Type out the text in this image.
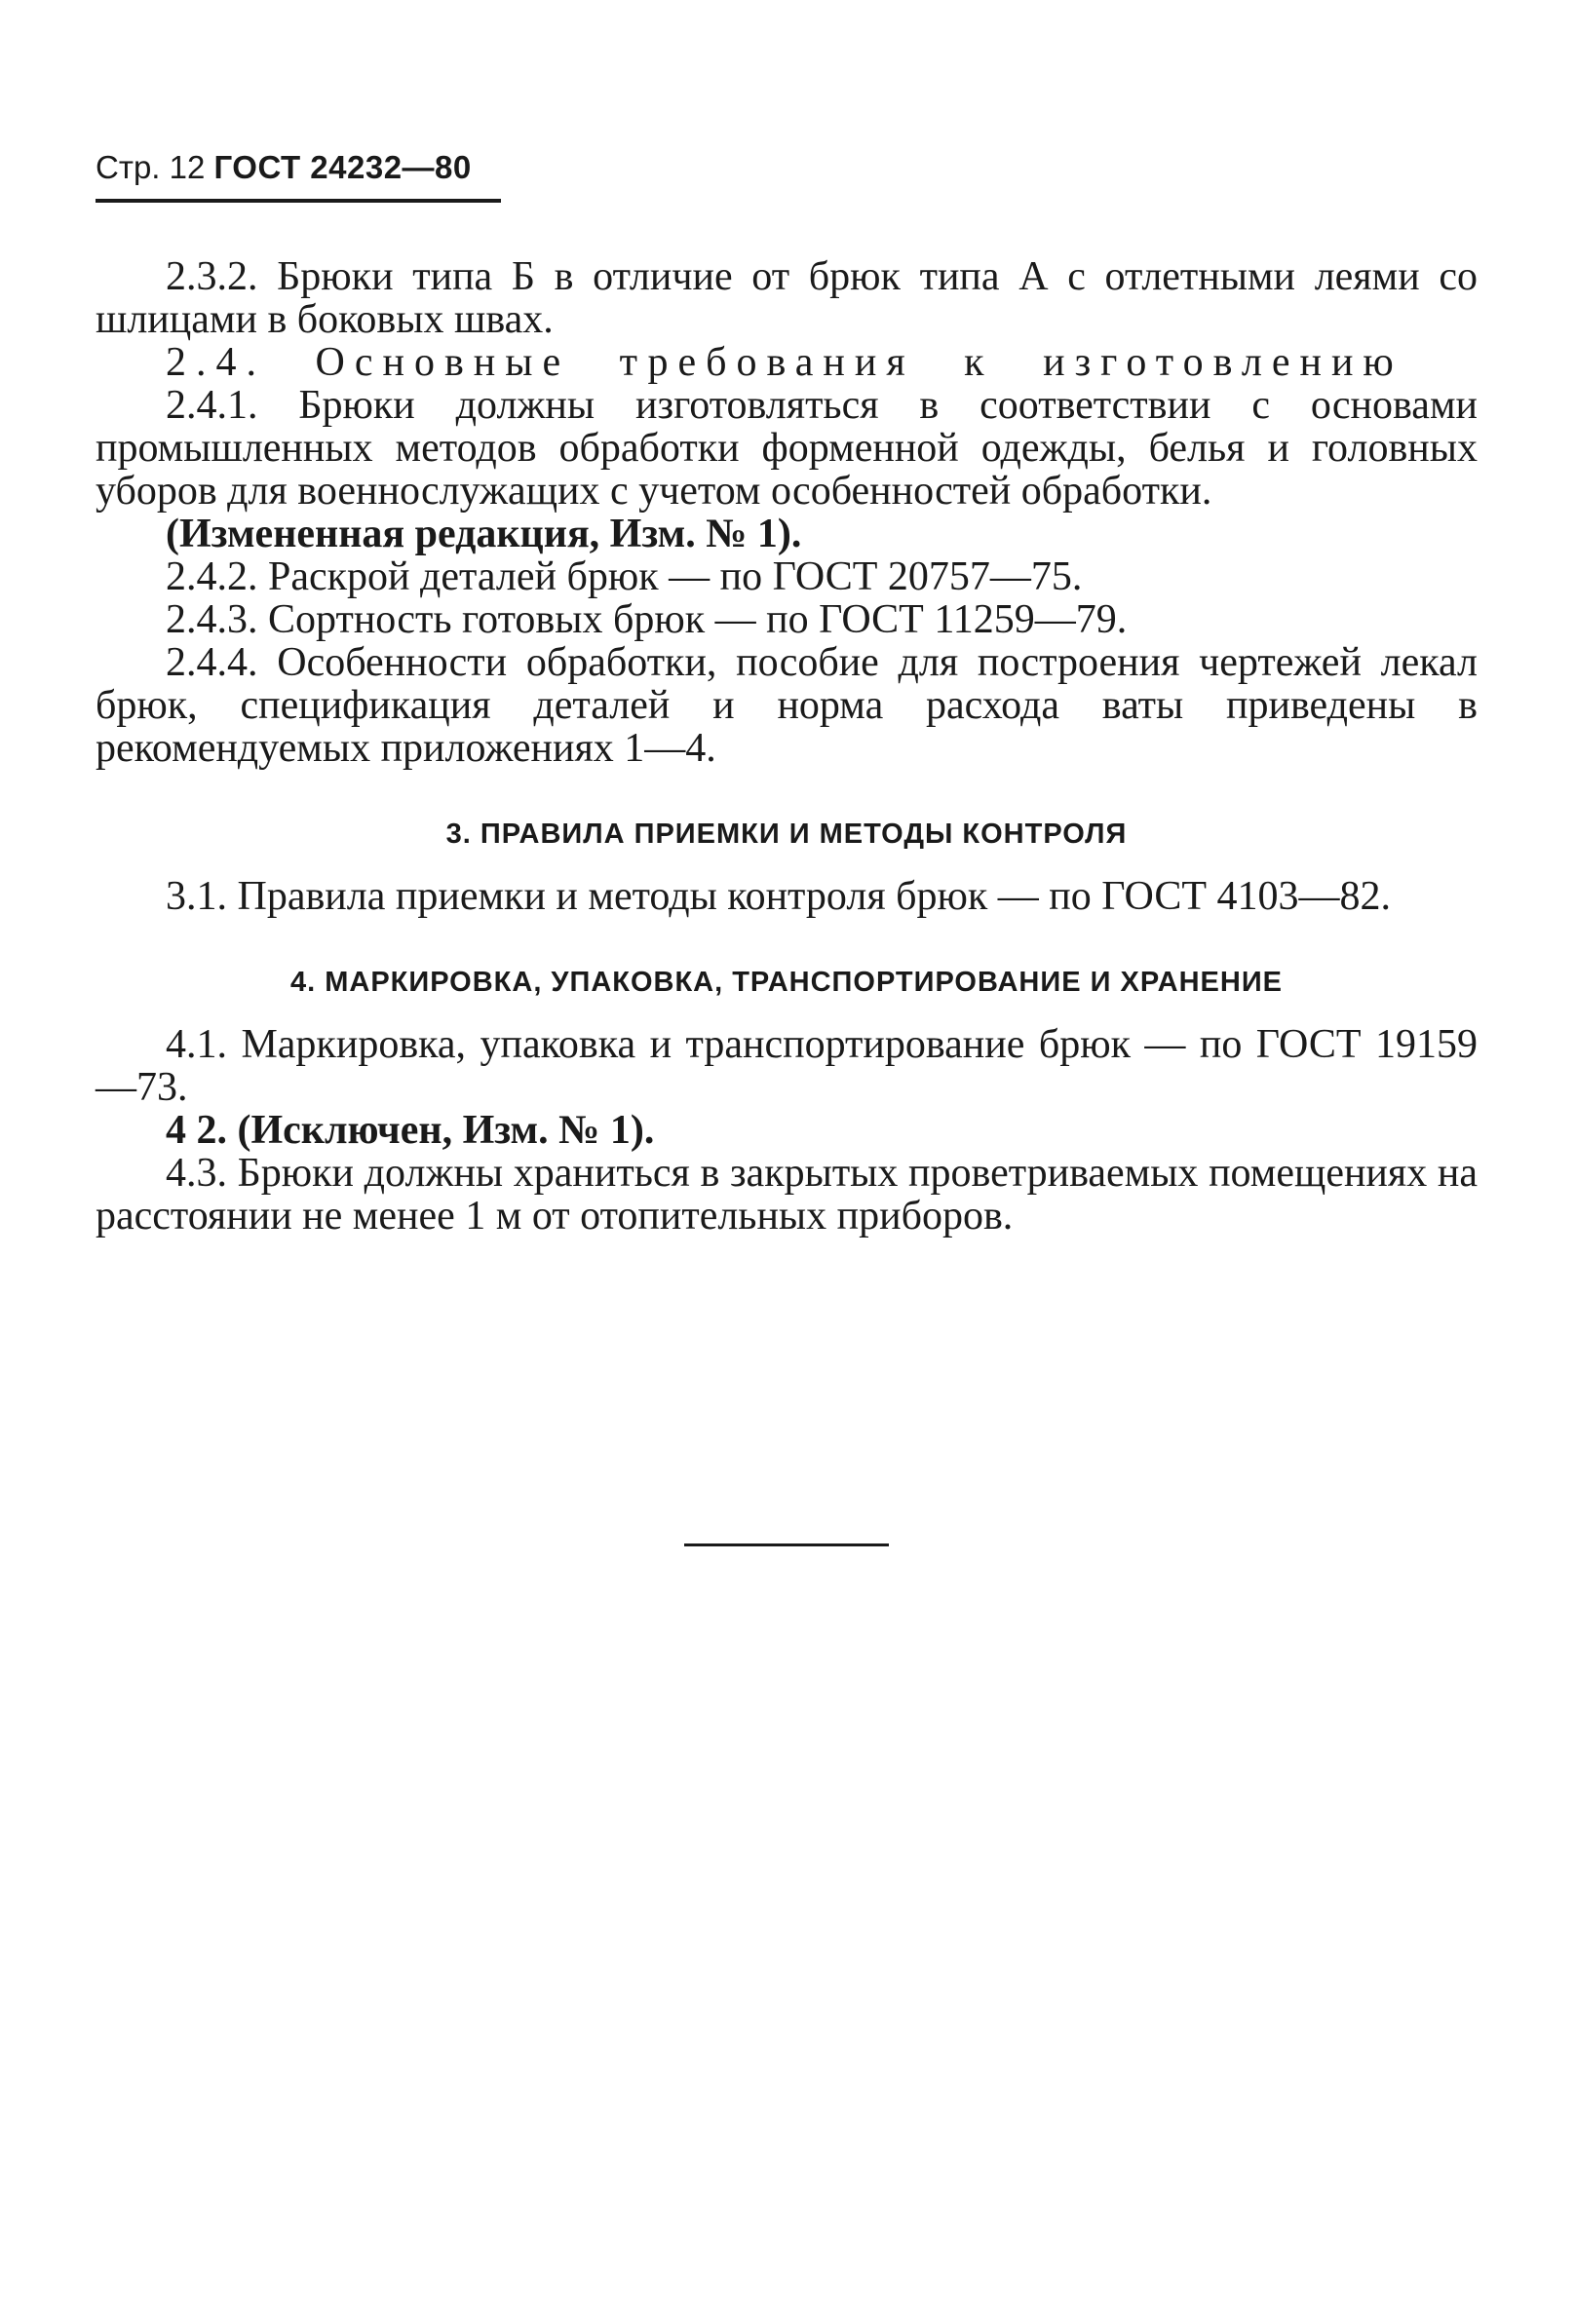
Стр. 12 ГОСТ 24232—80

2.3.2. Брюки типа Б в отличие от брюк типа А с отлетными леями со шлицами в боковых швах.

2.4. Основные требования к изготовлению

2.4.1. Брюки должны изготовляться в соответствии с основами промышленных методов обработки форменной одежды, белья и головных уборов для военнослужащих с учетом особенностей обработки.

(Измененная редакция, Изм. № 1).

2.4.2. Раскрой деталей брюк — по ГОСТ 20757—75.

2.4.3. Сортность готовых брюк — по ГОСТ 11259—79.

2.4.4. Особенности обработки, пособие для построения чертежей лекал брюк, спецификация деталей и норма расхода ваты приведены в рекомендуемых приложениях 1—4.

3. ПРАВИЛА ПРИЕМКИ И МЕТОДЫ КОНТРОЛЯ

3.1. Правила приемки и методы контроля брюк — по ГОСТ 4103—82.

4. МАРКИРОВКА, УПАКОВКА, ТРАНСПОРТИРОВАНИЕ И ХРАНЕНИЕ

4.1. Маркировка, упаковка и транспортирование брюк — по ГОСТ 19159—73.

4 2. (Исключен, Изм. № 1).

4.3. Брюки должны храниться в закрытых проветриваемых помещениях на расстоянии не менее 1 м от отопительных приборов.
